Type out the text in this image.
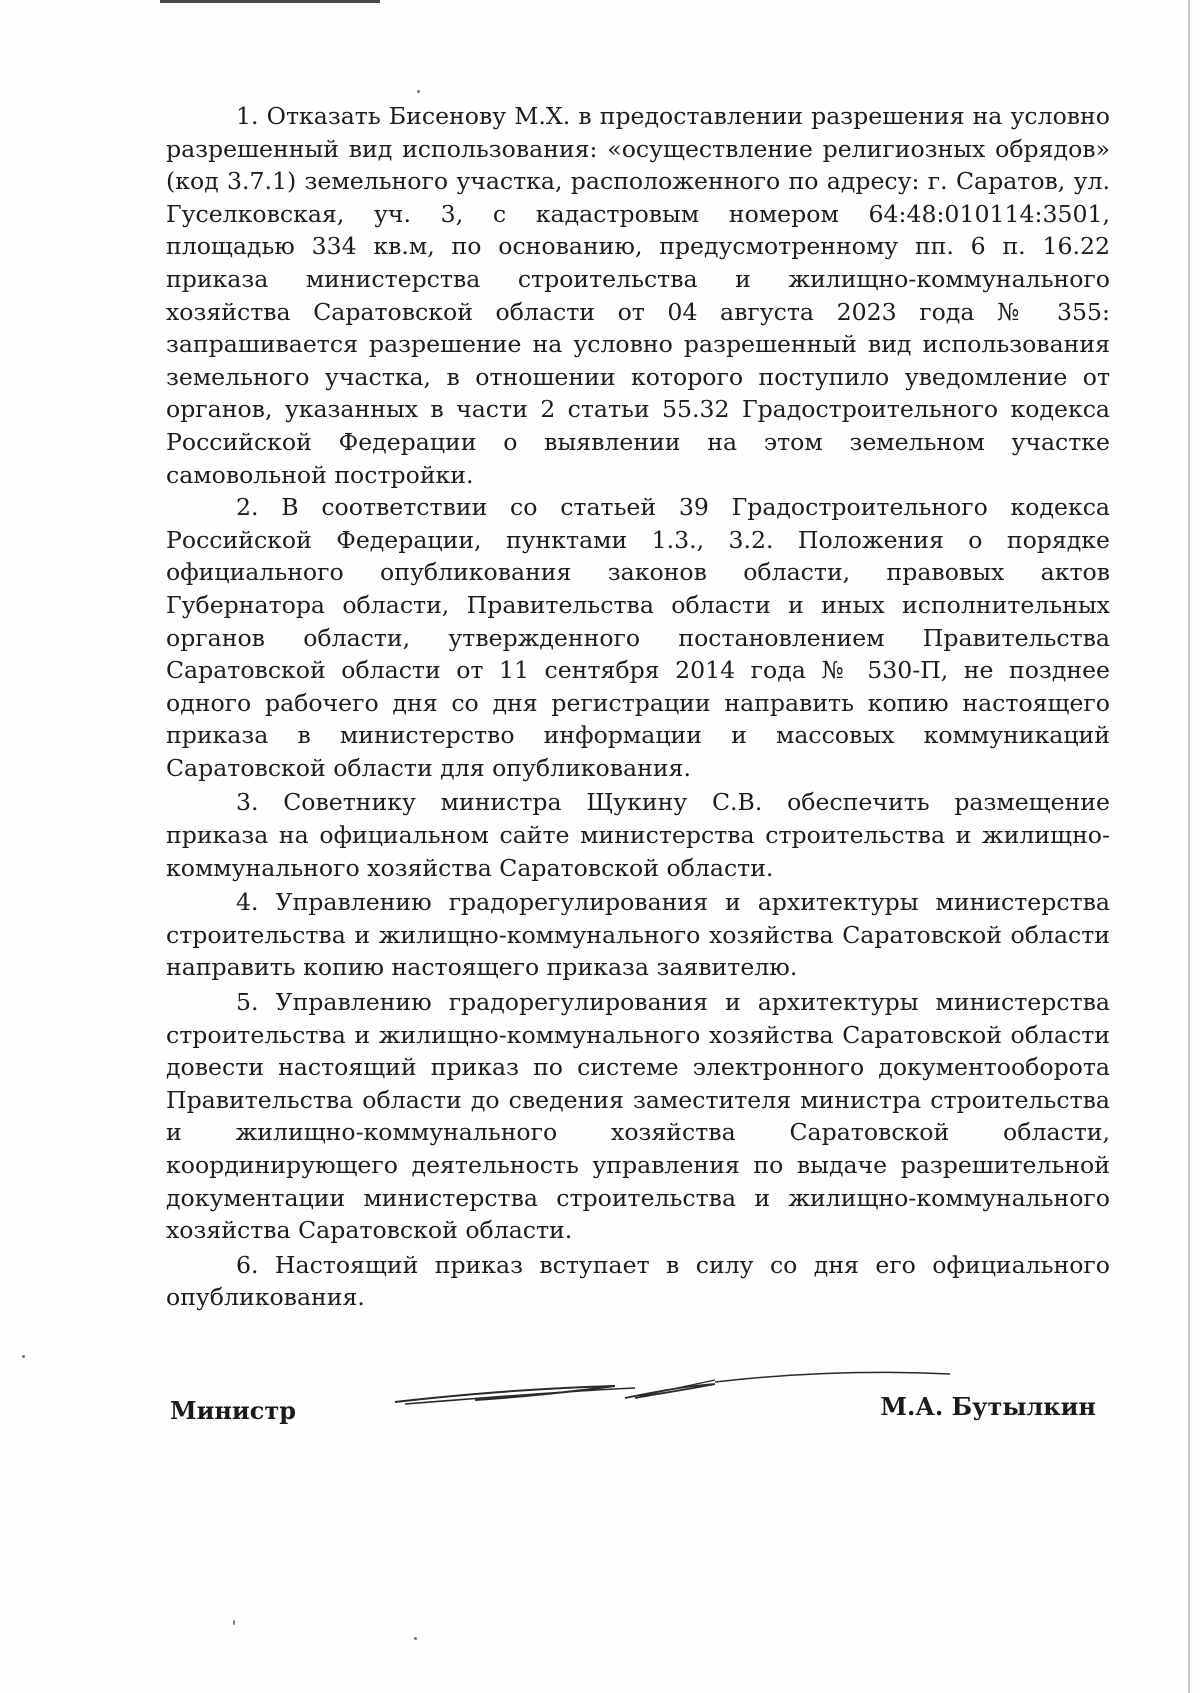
1. Отказать Бисенову М.Х. в предоставлении разрешения на условно разрешенный вид использования: «осуществление религиозных обрядов» (код 3.7.1) земельного участка, расположенного по адресу: г. Саратов, ул. Гуселковская, уч. 3, с кадастровым номером 64:48:010114:3501, площадью 334 кв.м, по основанию, предусмотренному пп. 6 п. 16.22 приказа министерства строительства и жилищно-коммунального хозяйства Саратовской области от 04 августа 2023 года № 355: запрашивается разрешение на условно разрешенный вид использования земельного участка, в отношении которого поступило уведомление от органов, указанных в части 2 статьи 55.32 Градостроительного кодекса Российской Федерации о выявлении на этом земельном участке самовольной постройки.

2. В соответствии со статьей 39 Градостроительного кодекса Российской Федерации, пунктами 1.3., 3.2. Положения о порядке официального опубликования законов области, правовых актов Губернатора области, Правительства области и иных исполнительных органов области, утвержденного постановлением Правительства Саратовской области от 11 сентября 2014 года № 530-П, не позднее одного рабочего дня со дня регистрации направить копию настоящего приказа в министерство информации и массовых коммуникаций Саратовской области для опубликования.

3. Советнику министра Щукину С.В. обеспечить размещение приказа на официальном сайте министерства строительства и жилищно-коммунального хозяйства Саратовской области.

4. Управлению градорегулирования и архитектуры министерства строительства и жилищно-коммунального хозяйства Саратовской области направить копию настоящего приказа заявителю.

5. Управлению градорегулирования и архитектуры министерства строительства и жилищно-коммунального хозяйства Саратовской области довести настоящий приказ по системе электронного документооборота Правительства области до сведения заместителя министра строительства и жилищно-коммунального хозяйства Саратовской области, координирующего деятельность управления по выдаче разрешительной документации министерства строительства и жилищно-коммунального хозяйства Саратовской области.

6. Настоящий приказ вступает в силу со дня его официального опубликования.

Министр	М.А. Бутылкин
